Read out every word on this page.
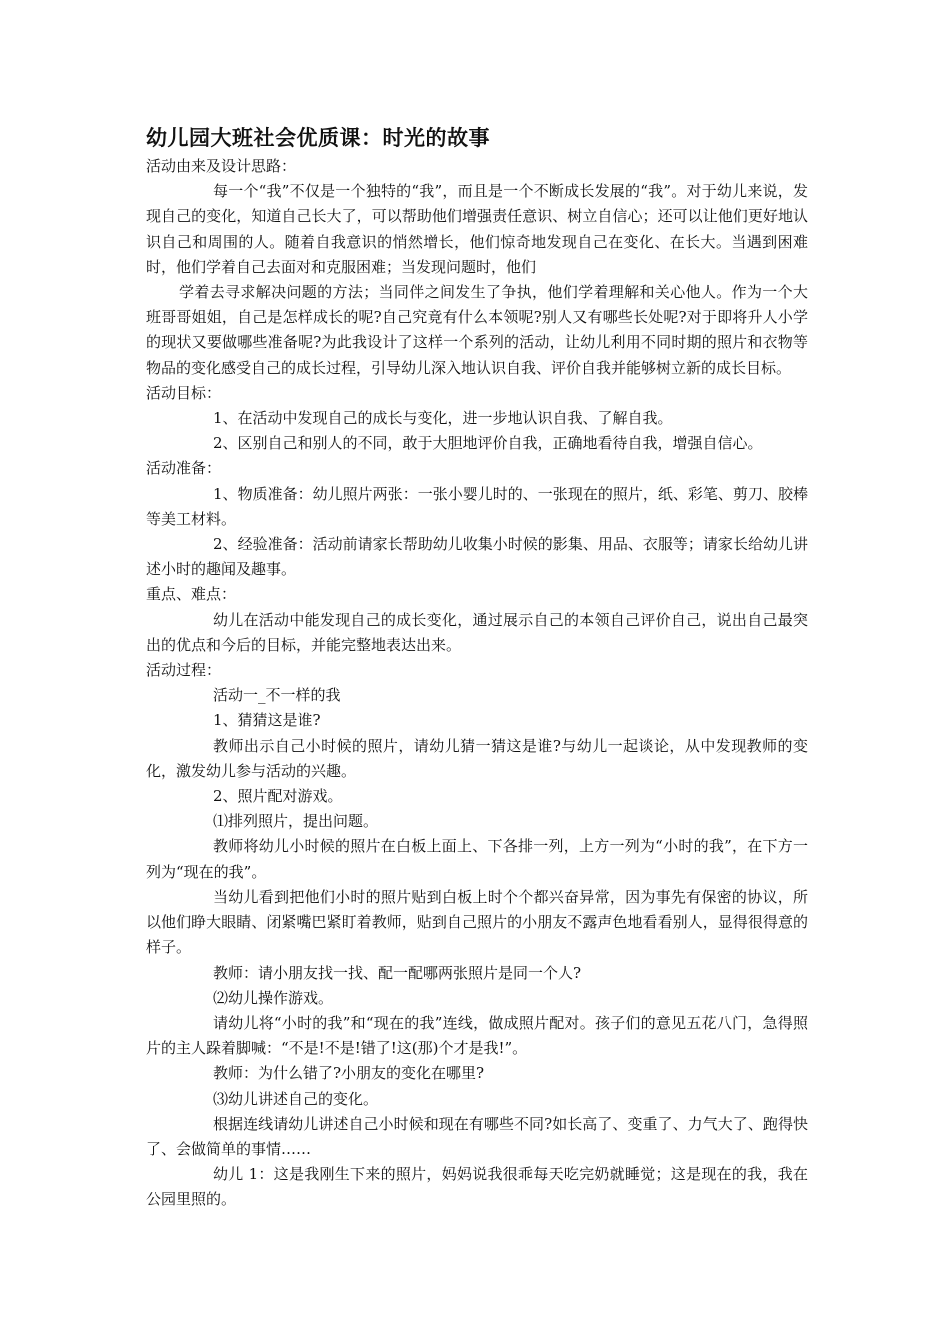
幼儿园大班社会优质课：时光的故事

活动由来及设计思路：

每一个“我”不仅是一个独特的“我”，而且是一个不断成长发展的“我”。对于幼儿来说，发现自己的变化，知道自己长大了，可以帮助他们增强责任意识、树立自信心；还可以让他们更好地认识自己和周围的人。随着自我意识的悄然增长，他们惊奇地发现自己在变化、在长大。当遇到困难时，他们学着自己去面对和克服困难；当发现问题时，他们

学着去寻求解决问题的方法；当同伴之间发生了争执，他们学着理解和关心他人。作为一个大班哥哥姐姐，自己是怎样成长的呢?自己究竟有什么本领呢?别人又有哪些长处呢?对于即将升人小学的现状又要做哪些准备呢?为此我设计了这样一个系列的活动，让幼儿利用不同时期的照片和衣物等物品的变化感受自己的成长过程，引导幼儿深入地认识自我、评价自我并能够树立新的成长目标。

活动目标：

1、在活动中发现自己的成长与变化，进一步地认识自我、了解自我。

2、区别自己和别人的不同，敢于大胆地评价自我，正确地看待自我，增强自信心。

活动准备：

1、物质准备：幼儿照片两张：一张小婴儿时的、一张现在的照片，纸、彩笔、剪刀、胶棒等美工材料。

2、经验准备：活动前请家长帮助幼儿收集小时候的影集、用品、衣服等；请家长给幼儿讲述小时的趣闻及趣事。

重点、难点：

幼儿在活动中能发现自己的成长变化，通过展示自己的本领自己评价自己，说出自己最突出的优点和今后的目标，并能完整地表达出来。

活动过程：

活动一_不一样的我

1、猜猜这是谁?

教师出示自己小时候的照片，请幼儿猜一猜这是谁?与幼儿一起谈论，从中发现教师的变化，激发幼儿参与活动的兴趣。

2、照片配对游戏。

⑴排列照片，提出问题。

教师将幼儿小时候的照片在白板上面上、下各排一列，上方一列为“小时的我”，在下方一列为“现在的我”。

当幼儿看到把他们小时的照片贴到白板上时个个都兴奋异常，因为事先有保密的协议，所以他们睁大眼睛、闭紧嘴巴紧盯着教师，贴到自己照片的小朋友不露声色地看看别人，显得很得意的样子。

教师：请小朋友找一找、配一配哪两张照片是同一个人?

⑵幼儿操作游戏。

请幼儿将“小时的我”和“现在的我”连线，做成照片配对。孩子们的意见五花八门，急得照片的主人跺着脚喊：“不是!不是!错了!这(那)个才是我!”。

教师：为什么错了?小朋友的变化在哪里?

⑶幼儿讲述自己的变化。

根据连线请幼儿讲述自己小时候和现在有哪些不同?如长高了、变重了、力气大了、跑得快了、会做简单的事情……

幼儿 1：这是我刚生下来的照片，妈妈说我很乖每天吃完奶就睡觉；这是现在的我，我在公园里照的。
